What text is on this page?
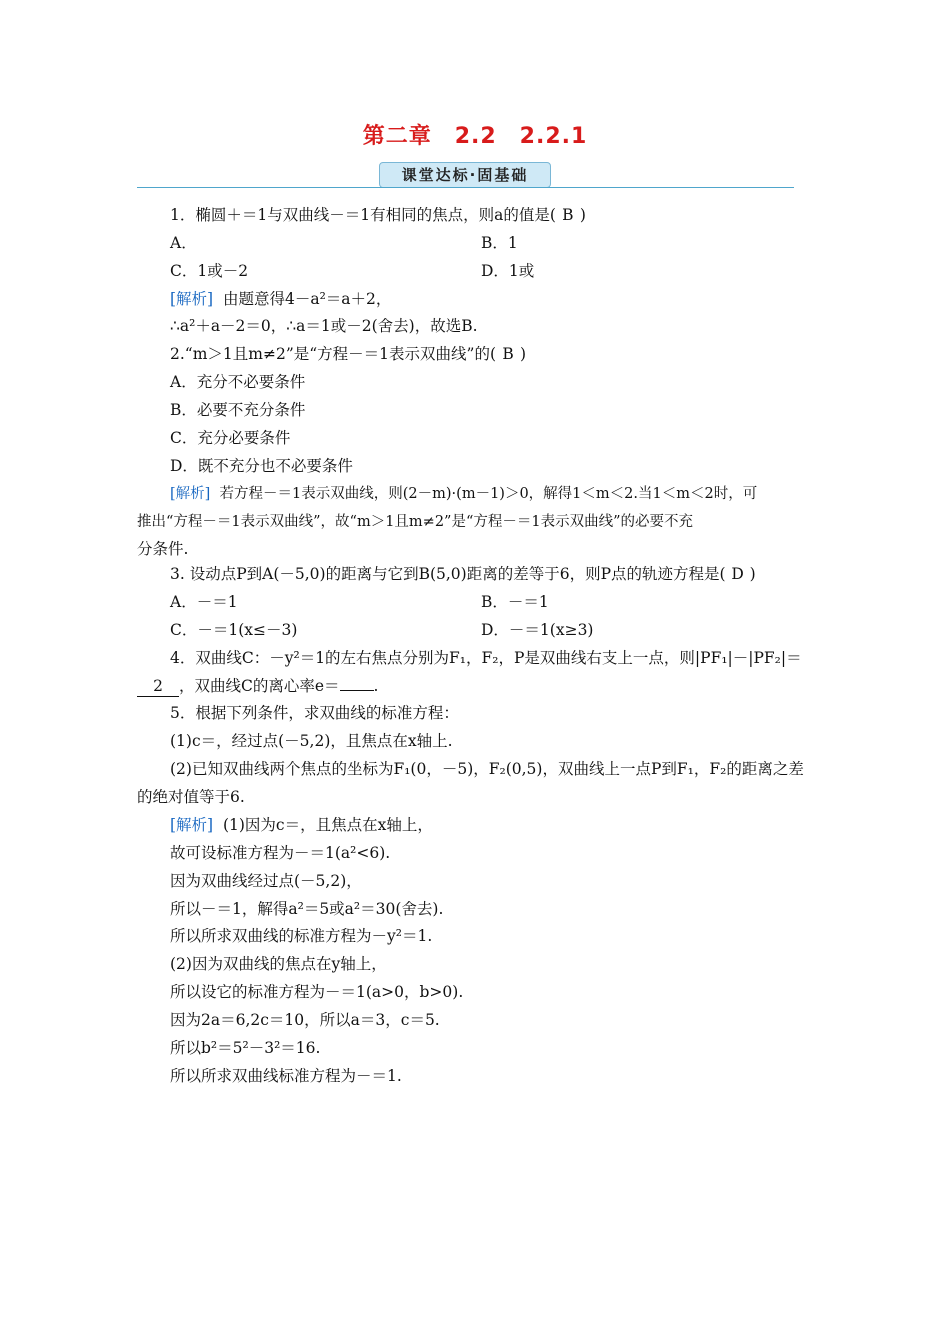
第二章　2.2　2.2.1
课堂达标·固基础
1．椭圆＋＝1与双曲线－＝1有相同的焦点，则a的值是( B )
A．	B．1
C．1或－2	D．1或
[解析] 由题意得4－a²＝a＋2，
∴a²＋a－2＝0，∴a＝1或－2(舍去)，故选B.
2.“m＞1且m≠2”是“方程－＝1表示双曲线”的( B )
A．充分不必要条件
B．必要不充分条件
C．充分必要条件
D．既不充分也不必要条件
[解析] 若方程－＝1表示双曲线，则(2－m)·(m－1)＞0，解得1＜m＜2.当1＜m＜2时，可
推出“方程－＝1表示双曲线”，故“m＞1且m≠2”是“方程－＝1表示双曲线”的必要不充
分条件.
3. 设动点P到A(－5,0)的距离与它到B(5,0)距离的差等于6，则P点的轨迹方程是( D )
A．－＝1	B．－＝1
C．－＝1(x≤－3)	D．－＝1(x≥3)
4．双曲线C：－y²＝1的左右焦点分别为F₁，F₂，P是双曲线右支上一点，则|PF₁|－|PF₂|＝
2 ，双曲线C的离心率e＝ .
5．根据下列条件，求双曲线的标准方程：
(1)c＝，经过点(－5,2)，且焦点在x轴上.
(2)已知双曲线两个焦点的坐标为F₁(0，－5)，F₂(0,5)，双曲线上一点P到F₁，F₂的距离之差
的绝对值等于6.
[解析] (1)因为c＝，且焦点在x轴上，
故可设标准方程为－＝1(a²<6).
因为双曲线经过点(－5,2)，
所以－＝1，解得a²＝5或a²＝30(舍去).
所以所求双曲线的标准方程为－y²＝1.
(2)因为双曲线的焦点在y轴上，
所以设它的标准方程为－＝1(a>0，b>0).
因为2a＝6,2c＝10，所以a＝3，c＝5.
所以b²＝5²－3²＝16.
所以所求双曲线标准方程为－＝1.
